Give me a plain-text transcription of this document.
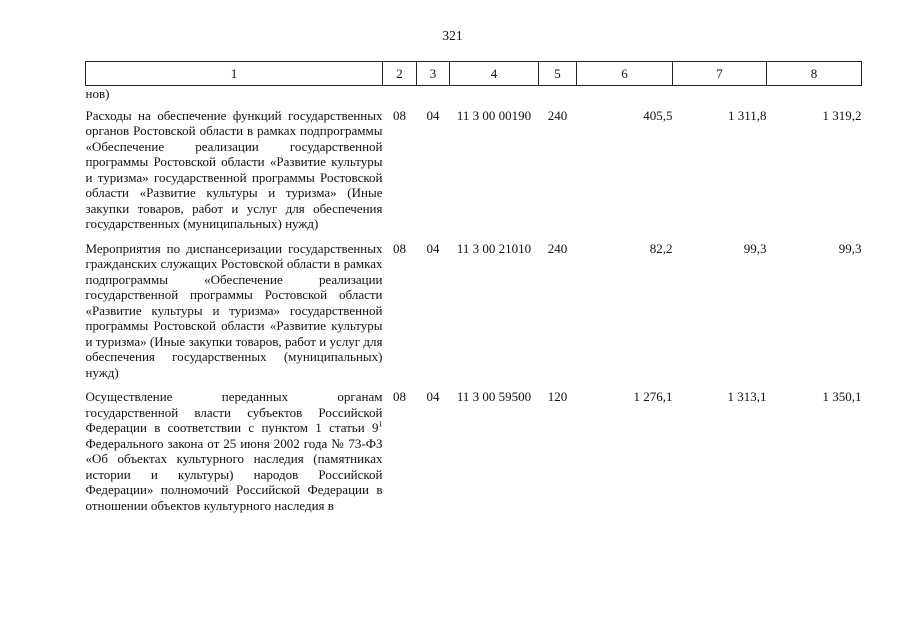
321
1	2	3	4	5	6	7	8
нов)							
Расходы на обеспечение функций государственных органов Ростовской области в рамках подпрограммы «Обеспечение реализации государственной программы Ростовской области «Развитие культуры и туризма» государственной программы Ростовской области «Развитие культуры и туризма» (Иные закупки товаров, работ и услуг для обеспечения государственных (муниципальных) нужд)	08	04	11 3 00 00190	240	405,5	1 311,8	1 319,2
Мероприятия по диспансеризации государственных гражданских служащих Ростовской области в рамках подпрограммы «Обеспечение реализации государственной программы Ростовской области «Развитие культуры и туризма» государственной программы Ростовской области «Развитие культуры и туризма» (Иные закупки товаров, работ и услуг для обеспечения государственных (муниципальных) нужд)	08	04	11 3 00 21010	240	82,2	99,3	99,3
Осуществление переданных органам государственной власти субъектов Российской Федерации в соответствии с пунктом 1 статьи $9^1$ Федерального закона от 25 июня 2002 года № 73-ФЗ «Об объектах культурного наследия (памятниках истории и культуры) народов Российской Федерации» полномочий Российской Федерации в отношении объектов культурного наследия в	08	04	11 3 00 59500	120	1 276,1	1 313,1	1 350,1
